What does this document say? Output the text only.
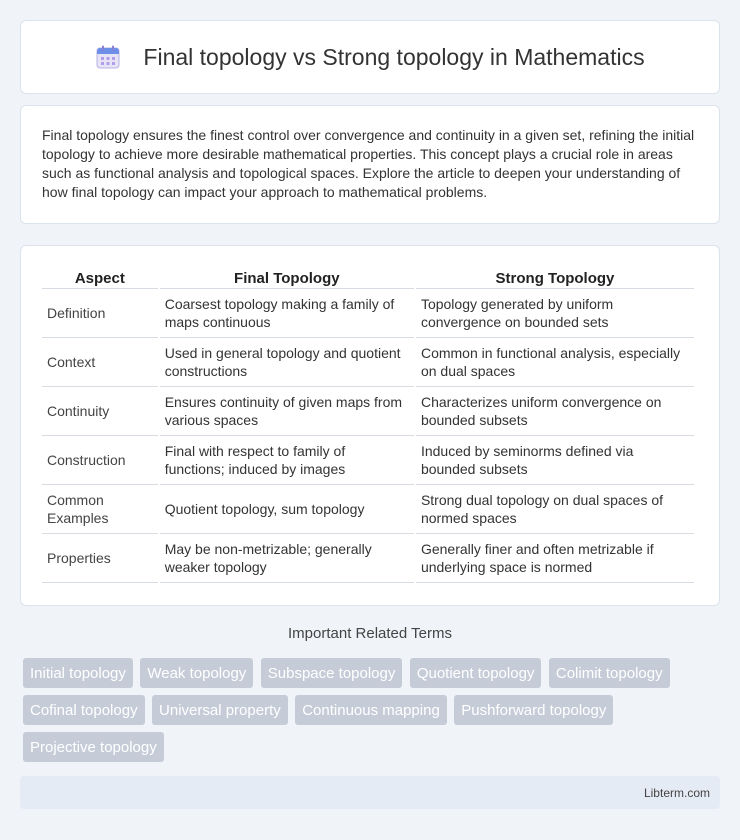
Final topology vs Strong topology in Mathematics

Final topology ensures the finest control over convergence and continuity in a given set, refining the initial topology to achieve more desirable mathematical properties. This concept plays a crucial role in areas such as functional analysis and topological spaces. Explore the article to deepen your understanding of how final topology can impact your approach to mathematical problems.

Aspect	Final Topology	Strong Topology
Definition	Coarsest topology making a family of maps continuous	Topology generated by uniform convergence on bounded sets
Context	Used in general topology and quotient constructions	Common in functional analysis, especially on dual spaces
Continuity	Ensures continuity of given maps from various spaces	Characterizes uniform convergence on bounded subsets
Construction	Final with respect to family of functions; induced by images	Induced by seminorms defined via bounded subsets
Common Examples	Quotient topology, sum topology	Strong dual topology on dual spaces of normed spaces
Properties	May be non-metrizable; generally weaker topology	Generally finer and often metrizable if underlying space is normed
Important Related Terms
Initial topology Weak topology Subspace topology Quotient topology Colimit topology Cofinal topology Universal property Continuous mapping Pushforward topology Projective topology
Libterm.com
